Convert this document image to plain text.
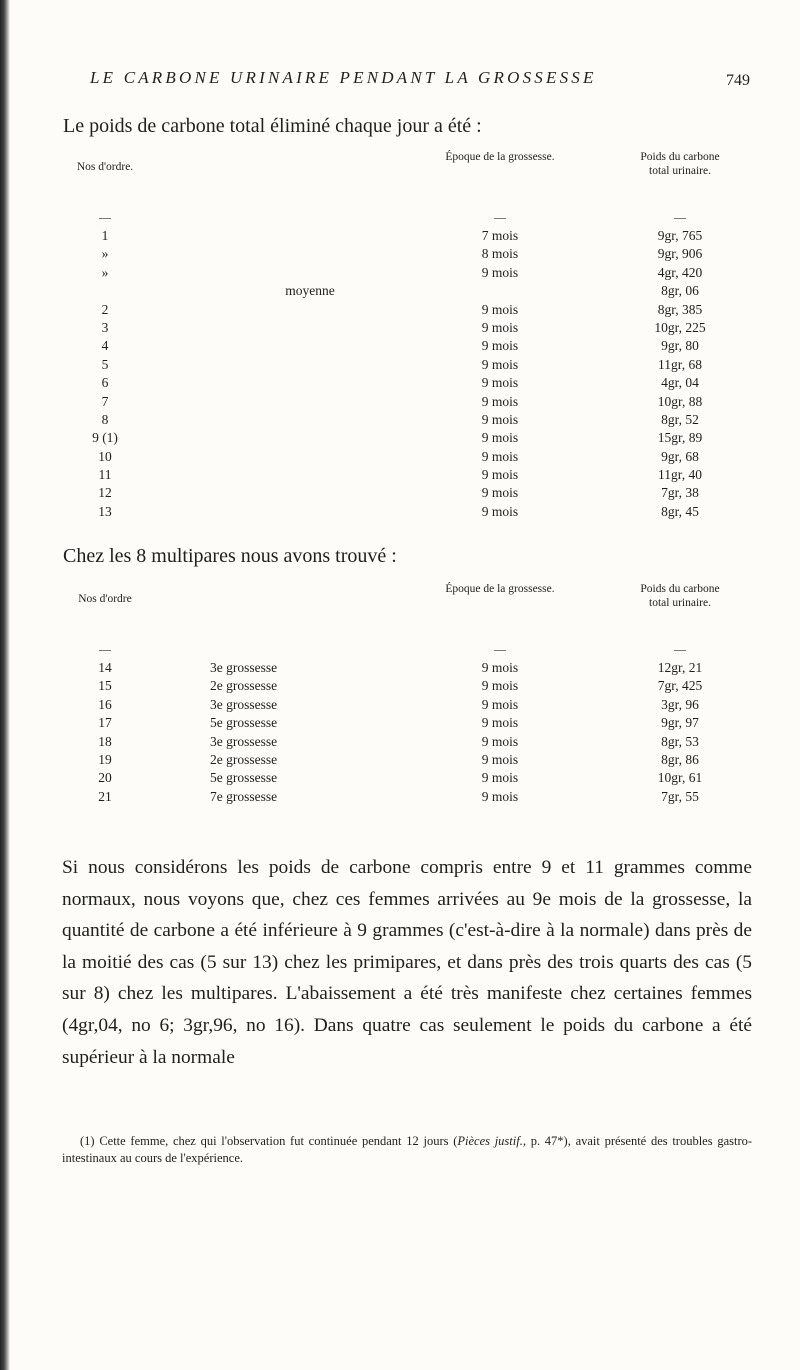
LE CARBONE URINAIRE PENDANT LA GROSSESSE	749
Le poids de carbone total éliminé chaque jour a été :
Nos d'ordre.
Époque de la grossesse.	Poids du carbone total urinaire.
—	—	—
1	7 mois	9gr, 765
»	8 mois	9gr, 906
»	9 mois	4gr, 420
moyenne	8gr, 06
2	9 mois	8gr, 385
3	9 mois	10gr, 225
4	9 mois	9gr, 80
5	9 mois	11gr, 68
6	9 mois	4gr, 04
7	9 mois	10gr, 88
8	9 mois	8gr, 52
9 (1)	9 mois	15gr, 89
10	9 mois	9gr, 68
11	9 mois	11gr, 40
12	9 mois	7gr, 38
13	9 mois	8gr, 45
Chez les 8 multipares nous avons trouvé :
Nos d'ordre
Époque de la grossesse.	Poids du carbone total urinaire.
—	—	—
14	3e grossesse	9 mois	12gr, 21
15	2e grossesse	9 mois	7gr, 425
16	3e grossesse	9 mois	3gr, 96
17	5e grossesse	9 mois	9gr, 97
18	3e grossesse	9 mois	8gr, 53
19	2e grossesse	9 mois	8gr, 86
20	5e grossesse	9 mois	10gr, 61
21	7e grossesse	9 mois	7gr, 55
Si nous considérons les poids de carbone compris entre 9 et 11 grammes comme normaux, nous voyons que, chez ces femmes arrivées au 9e mois de la grossesse, la quantité de carbone a été inférieure à 9 grammes (c'est-à-dire à la normale) dans près de la moitié des cas (5 sur 13) chez les primipares, et dans près des trois quarts des cas (5 sur 8) chez les multipares. L'abaissement a été très manifeste chez certaines femmes (4gr,04, no 6; 3gr,96, no 16). Dans quatre cas seulement le poids du carbone a été supérieur à la normale
(1) Cette femme, chez qui l'observation fut continuée pendant 12 jours (Pièces justif., p. 47*), avait présenté des troubles gastro-intestinaux au cours de l'expérience.
